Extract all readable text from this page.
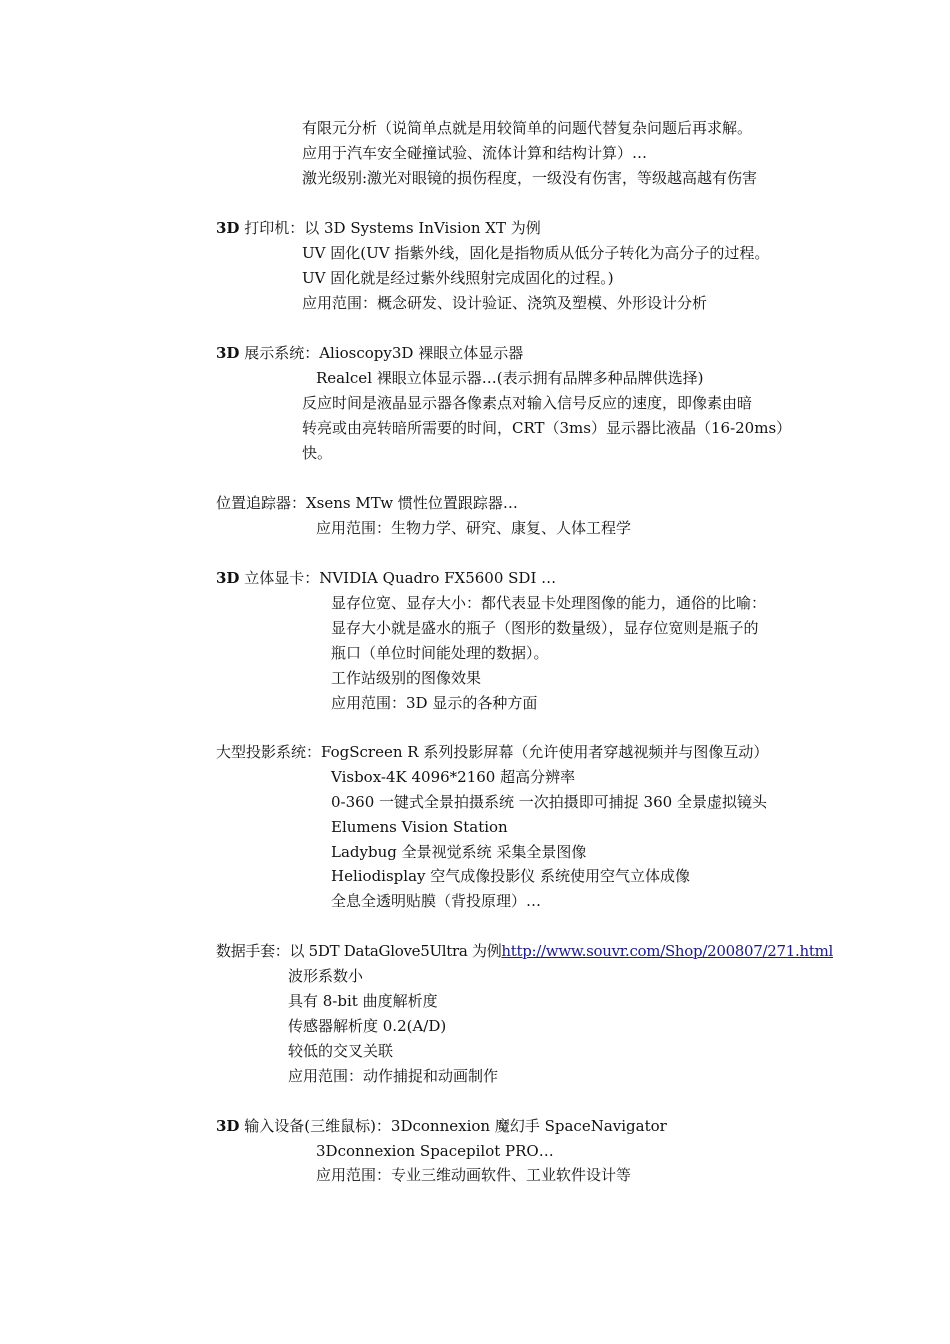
有限元分析（说简单点就是用较简单的问题代替复杂问题后再求解。
应用于汽车安全碰撞试验、流体计算和结构计算）…
激光级别:激光对眼镜的损伤程度，一级没有伤害，等级越高越有伤害
3D 打印机：以 3D Systems InVision XT 为例
UV 固化(UV 指紫外线，固化是指物质从低分子转化为高分子的过程。
UV 固化就是经过紫外线照射完成固化的过程。)
应用范围：概念研发、设计验证、浇筑及塑模、外形设计分析
3D 展示系统：Alioscopy3D 裸眼立体显示器
Realcel 裸眼立体显示器…(表示拥有品牌多种品牌供选择)
反应时间是液晶显示器各像素点对输入信号反应的速度，即像素由暗
转亮或由亮转暗所需要的时间，CRT（3ms）显示器比液晶（16-20ms）
快。
位置追踪器：Xsens MTw 惯性位置跟踪器…
应用范围：生物力学、研究、康复、人体工程学
3D 立体显卡：NVIDIA Quadro FX5600 SDI …
显存位宽、显存大小：都代表显卡处理图像的能力，通俗的比喻：
显存大小就是盛水的瓶子（图形的数量级），显存位宽则是瓶子的
瓶口（单位时间能处理的数据）。
工作站级别的图像效果
应用范围：3D 显示的各种方面
大型投影系统：FogScreen R 系列投影屏幕（允许使用者穿越视频并与图像互动）
Visbox-4K 4096*2160 超高分辨率
0-360 一键式全景拍摄系统 一次拍摄即可捕捉 360 全景虚拟镜头
Elumens Vision Station
Ladybug 全景视觉系统 采集全景图像
Heliodisplay 空气成像投影仪 系统使用空气立体成像
全息全透明贴膜（背投原理）…
数据手套：以 5DT DataGlove5Ultra 为例http://www.souvr.com/Shop/200807/271.html
波形系数小
具有 8-bit 曲度解析度
传感器解析度 0.2(A/D)
较低的交叉关联
应用范围：动作捕捉和动画制作
3D 输入设备(三维鼠标)：3Dconnexion 魔幻手 SpaceNavigator
3Dconnexion Spacepilot PRO…
应用范围：专业三维动画软件、工业软件设计等
